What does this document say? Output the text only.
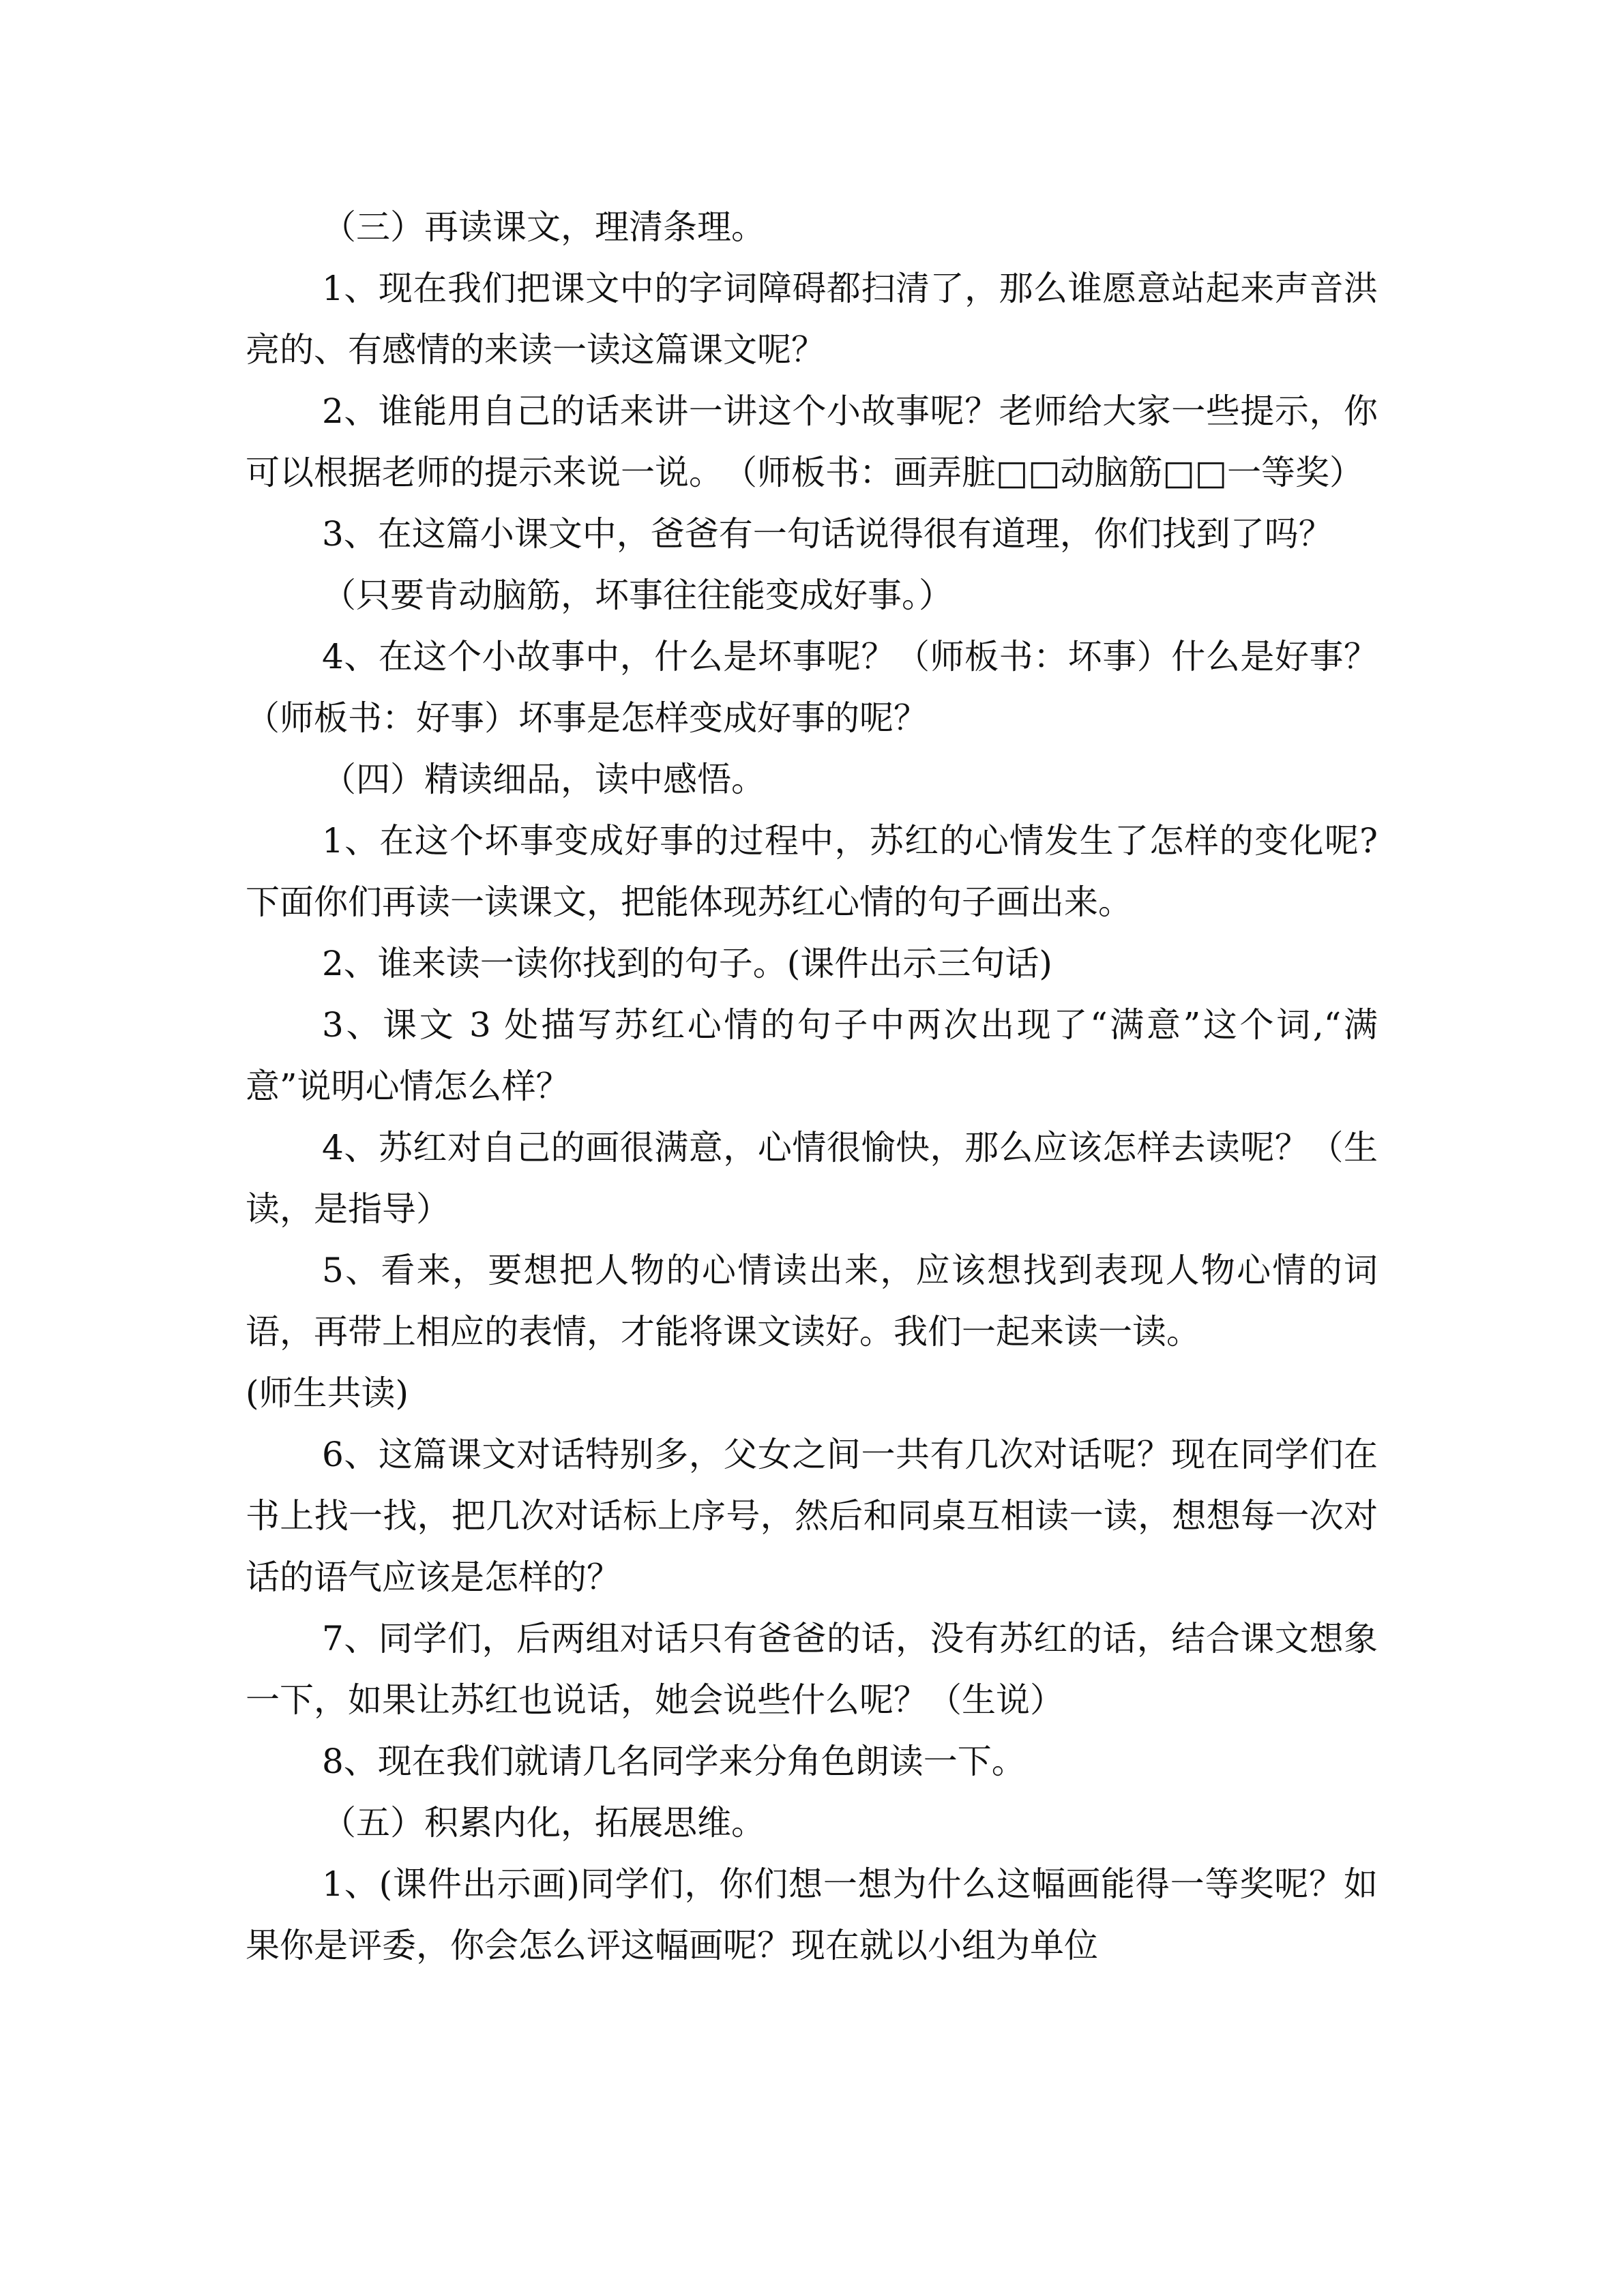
（三）再读课文，理清条理。

1、现在我们把课文中的字词障碍都扫清了，那么谁愿意站起来声音洪亮的、有感情的来读一读这篇课文呢？

2、谁能用自己的话来讲一讲这个小故事呢？老师给大家一些提示，你可以根据老师的提示来说一说。　（师板书：画弄脏□□动脑筋□□一等奖）

3、在这篇小课文中，爸爸有一句话说得很有道理，你们找到了吗？

（只要肯动脑筋，坏事往往能变成好事。）

4、在这个小故事中，什么是坏事呢？（师板书：坏事）什么是好事？（师板书：好事）坏事是怎样变成好事的呢？

（四）精读细品，读中感悟。

1、在这个坏事变成好事的过程中，苏红的心情发生了怎样的变化呢?下面你们再读一读课文，把能体现苏红心情的句子画出来。

2、谁来读一读你找到的句子。(课件出示三句话)

3、课文 3 处描写苏红心情的句子中两次出现了“满意”这个词,“满意”说明心情怎么样？

4、苏红对自己的画很满意，心情很愉快，那么应该怎样去读呢？（生读，是指导）

5、看来，要想把人物的心情读出来，应该想找到表现人物心情的词语，再带上相应的表情，才能将课文读好。我们一起来读一读。

(师生共读)

6、这篇课文对话特别多，父女之间一共有几次对话呢？现在同学们在书上找一找，把几次对话标上序号，然后和同桌互相读一读，想想每一次对话的语气应该是怎样的？

7、同学们，后两组对话只有爸爸的话，没有苏红的话，结合课文想象一下，如果让苏红也说话，她会说些什么呢？（生说）

8、现在我们就请几名同学来分角色朗读一下。

（五）积累内化，拓展思维。

1、(课件出示画)同学们，你们想一想为什么这幅画能得一等奖呢？如果你是评委，你会怎么评这幅画呢？现在就以小组为单位
